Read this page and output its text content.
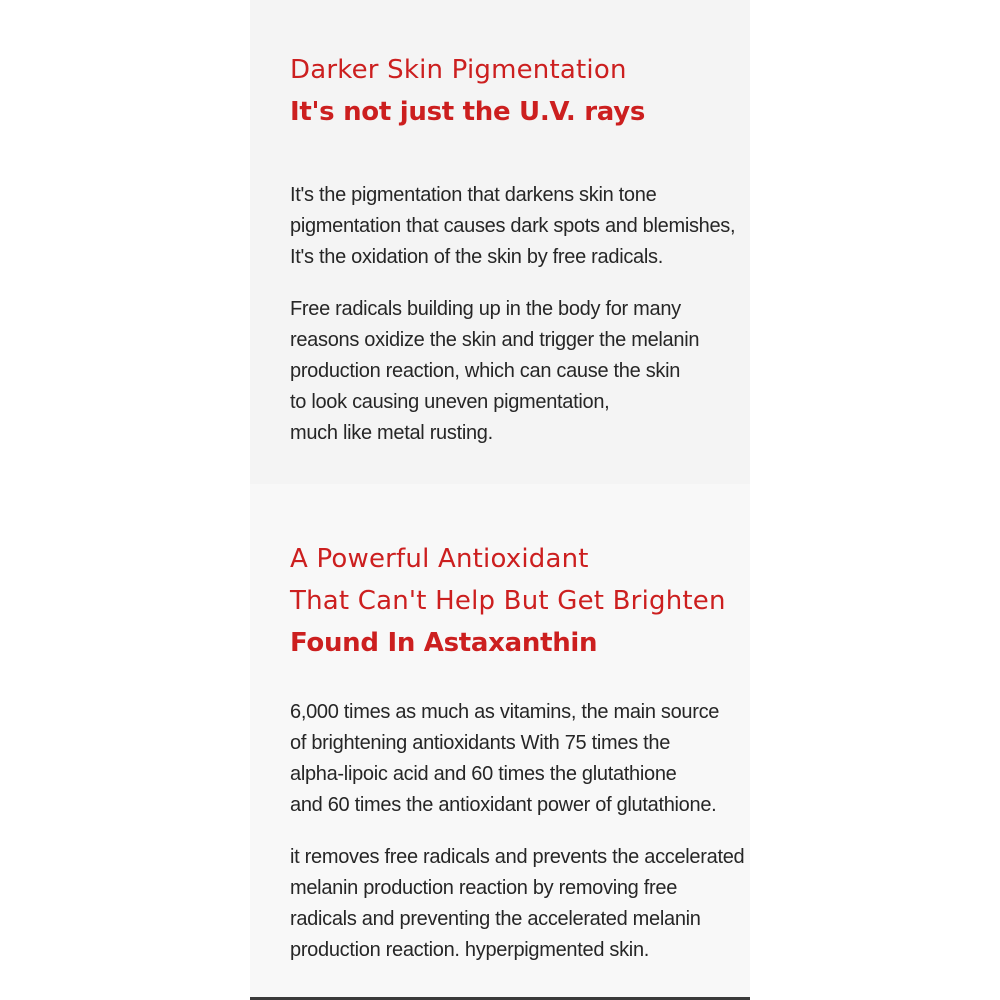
Darker Skin Pigmentation
It's not just the U.V. rays

It's the pigmentation that darkens skin tone
pigmentation that causes dark spots and blemishes,
It's the oxidation of the skin by free radicals.

Free radicals building up in the body for many
reasons oxidize the skin and trigger the melanin
production reaction, which can cause the skin
to look causing uneven pigmentation,
much like metal rusting.

A Powerful Antioxidant
That Can't Help But Get Brighten
Found In Astaxanthin

6,000 times as much as vitamins, the main source
of brightening antioxidants With 75 times the
alpha-lipoic acid and 60 times the glutathione
and 60 times the antioxidant power of glutathione.

it removes free radicals and prevents the accelerated
melanin production reaction by removing free
radicals and preventing the accelerated melanin
production reaction. hyperpigmented skin.
